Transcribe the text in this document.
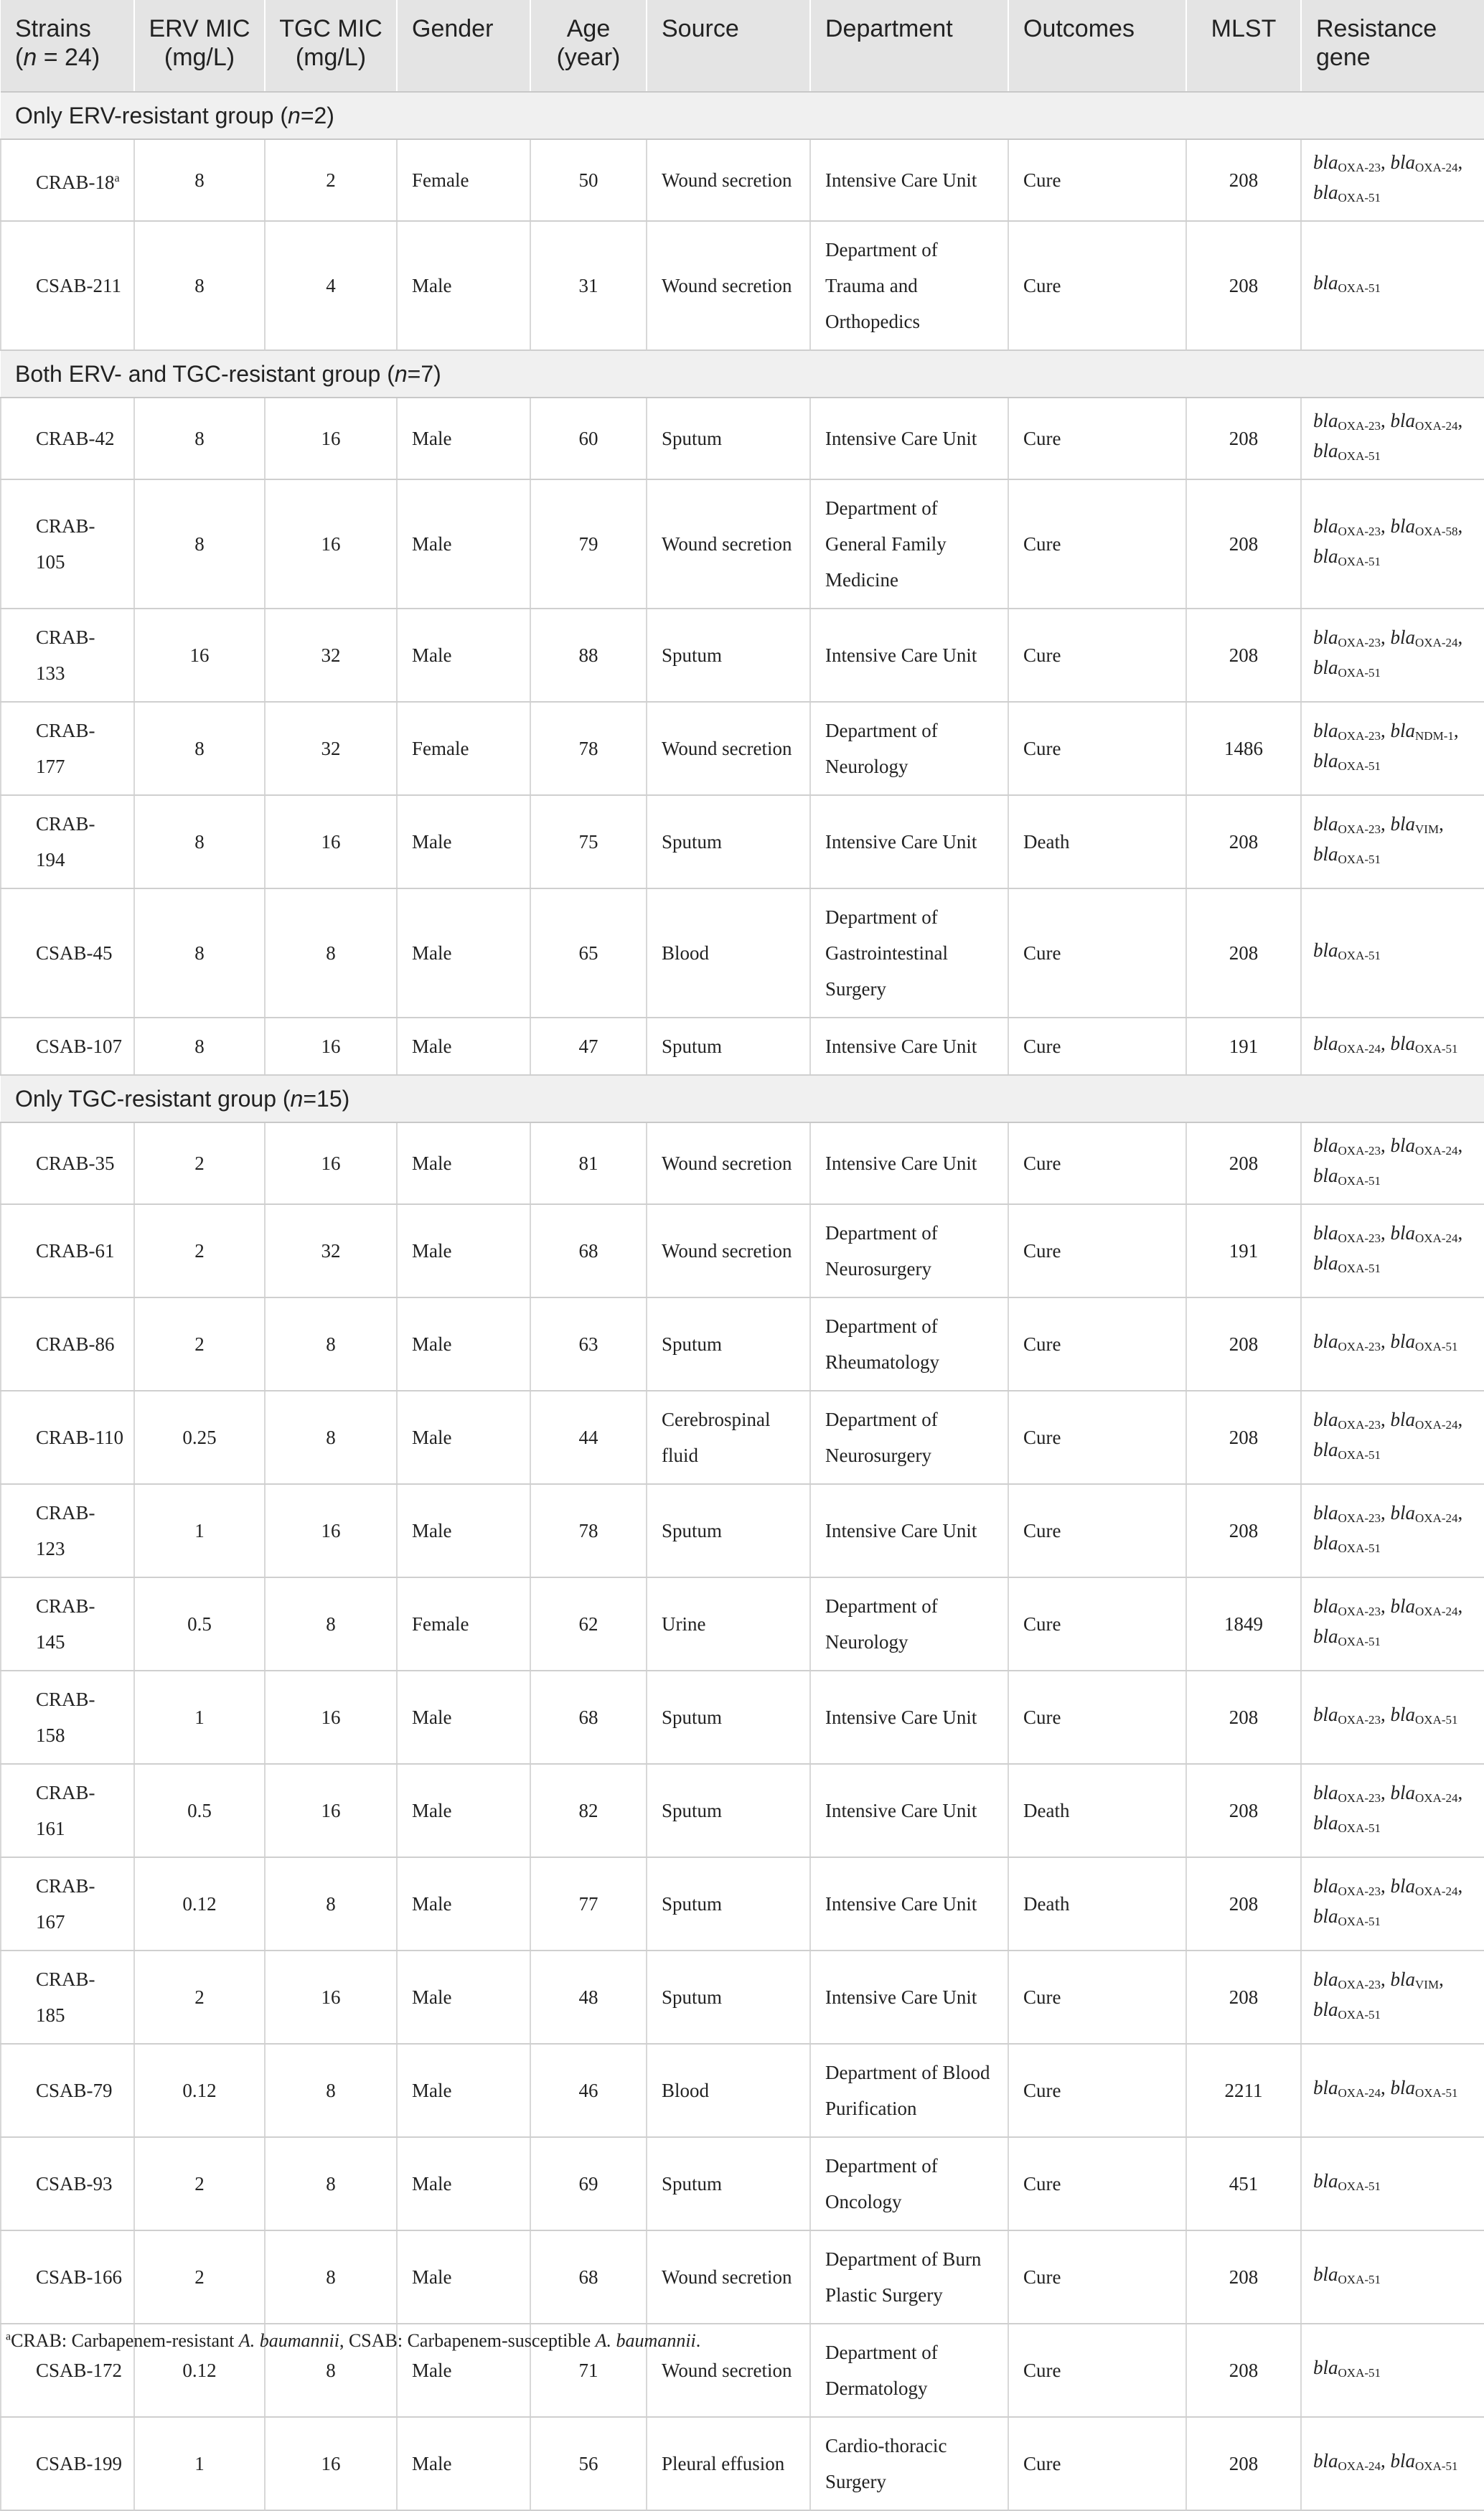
Strains
(n = 24)	ERV MIC (mg/L)	TGC MIC (mg/L)	Gender	Age (year)	Source	Department	Outcomes	MLST	Resistance gene
Only ERV-resistant group (n=2)									
CRAB-18$^a$	8	2	Female	50	Wound secretion	Intensive Care Unit	Cure	208	bla$_{OXA-23}$, bla$_{OXA-24}$, bla$_{OXA-51}$
CSAB-211	8	4	Male	31	Wound secretion	Department of Trauma and Orthopedics	Cure	208	bla$_{OXA-51}$
Both ERV- and TGC-resistant group (n=7)									
CRAB-42	8	16	Male	60	Sputum	Intensive Care Unit	Cure	208	bla$_{OXA-23}$, bla$_{OXA-24}$, bla$_{OXA-51}$
CRAB-105	8	16	Male	79	Wound secretion	Department of General Family Medicine	Cure	208	bla$_{OXA-23}$, bla$_{OXA-58}$, bla$_{OXA-51}$
CRAB-133	16	32	Male	88	Sputum	Intensive Care Unit	Cure	208	bla$_{OXA-23}$, bla$_{OXA-24}$, bla$_{OXA-51}$
CRAB-177	8	32	Female	78	Wound secretion	Department of Neurology	Cure	1486	bla$_{OXA-23}$, bla$_{NDM-1}$, bla$_{OXA-51}$
CRAB-194	8	16	Male	75	Sputum	Intensive Care Unit	Death	208	bla$_{OXA-23}$, bla$_{VIM}$, bla$_{OXA-51}$
CSAB-45	8	8	Male	65	Blood	Department of Gastrointestinal Surgery	Cure	208	bla$_{OXA-51}$
CSAB-107	8	16	Male	47	Sputum	Intensive Care Unit	Cure	191	bla$_{OXA-24}$, bla$_{OXA-51}$
Only TGC-resistant group (n=15)									
CRAB-35	2	16	Male	81	Wound secretion	Intensive Care Unit	Cure	208	bla$_{OXA-23}$, bla$_{OXA-24}$, bla$_{OXA-51}$
CRAB-61	2	32	Male	68	Wound secretion	Department of Neurosurgery	Cure	191	bla$_{OXA-23}$, bla$_{OXA-24}$, bla$_{OXA-51}$
CRAB-86	2	8	Male	63	Sputum	Department of Rheumatology	Cure	208	bla$_{OXA-23}$, bla$_{OXA-51}$
CRAB-110	0.25	8	Male	44	Cerebrospinal fluid	Department of Neurosurgery	Cure	208	bla$_{OXA-23}$, bla$_{OXA-24}$, bla$_{OXA-51}$
CRAB-123	1	16	Male	78	Sputum	Intensive Care Unit	Cure	208	bla$_{OXA-23}$, bla$_{OXA-24}$, bla$_{OXA-51}$
CRAB-145	0.5	8	Female	62	Urine	Department of Neurology	Cure	1849	bla$_{OXA-23}$, bla$_{OXA-24}$, bla$_{OXA-51}$
CRAB-158	1	16	Male	68	Sputum	Intensive Care Unit	Cure	208	bla$_{OXA-23}$, bla$_{OXA-51}$
CRAB-161	0.5	16	Male	82	Sputum	Intensive Care Unit	Death	208	bla$_{OXA-23}$, bla$_{OXA-24}$, bla$_{OXA-51}$
CRAB-167	0.12	8	Male	77	Sputum	Intensive Care Unit	Death	208	bla$_{OXA-23}$, bla$_{OXA-24}$, bla$_{OXA-51}$
CRAB-185	2	16	Male	48	Sputum	Intensive Care Unit	Cure	208	bla$_{OXA-23}$, bla$_{VIM}$, bla$_{OXA-51}$
CSAB-79	0.12	8	Male	46	Blood	Department of Blood Purification	Cure	2211	bla$_{OXA-24}$, bla$_{OXA-51}$
CSAB-93	2	8	Male	69	Sputum	Department of Oncology	Cure	451	bla$_{OXA-51}$
CSAB-166	2	8	Male	68	Wound secretion	Department of Burn Plastic Surgery	Cure	208	bla$_{OXA-51}$
CSAB-172	0.12	8	Male	71	Wound secretion	Department of Dermatology	Cure	208	bla$_{OXA-51}$
CSAB-199	1	16	Male	56	Pleural effusion	Cardio-thoracic Surgery	Cure	208	bla$_{OXA-24}$, bla$_{OXA-51}$
$^a$CRAB: Carbapenem-resistant A. baumannii, CSAB: Carbapenem-susceptible A. baumannii.
